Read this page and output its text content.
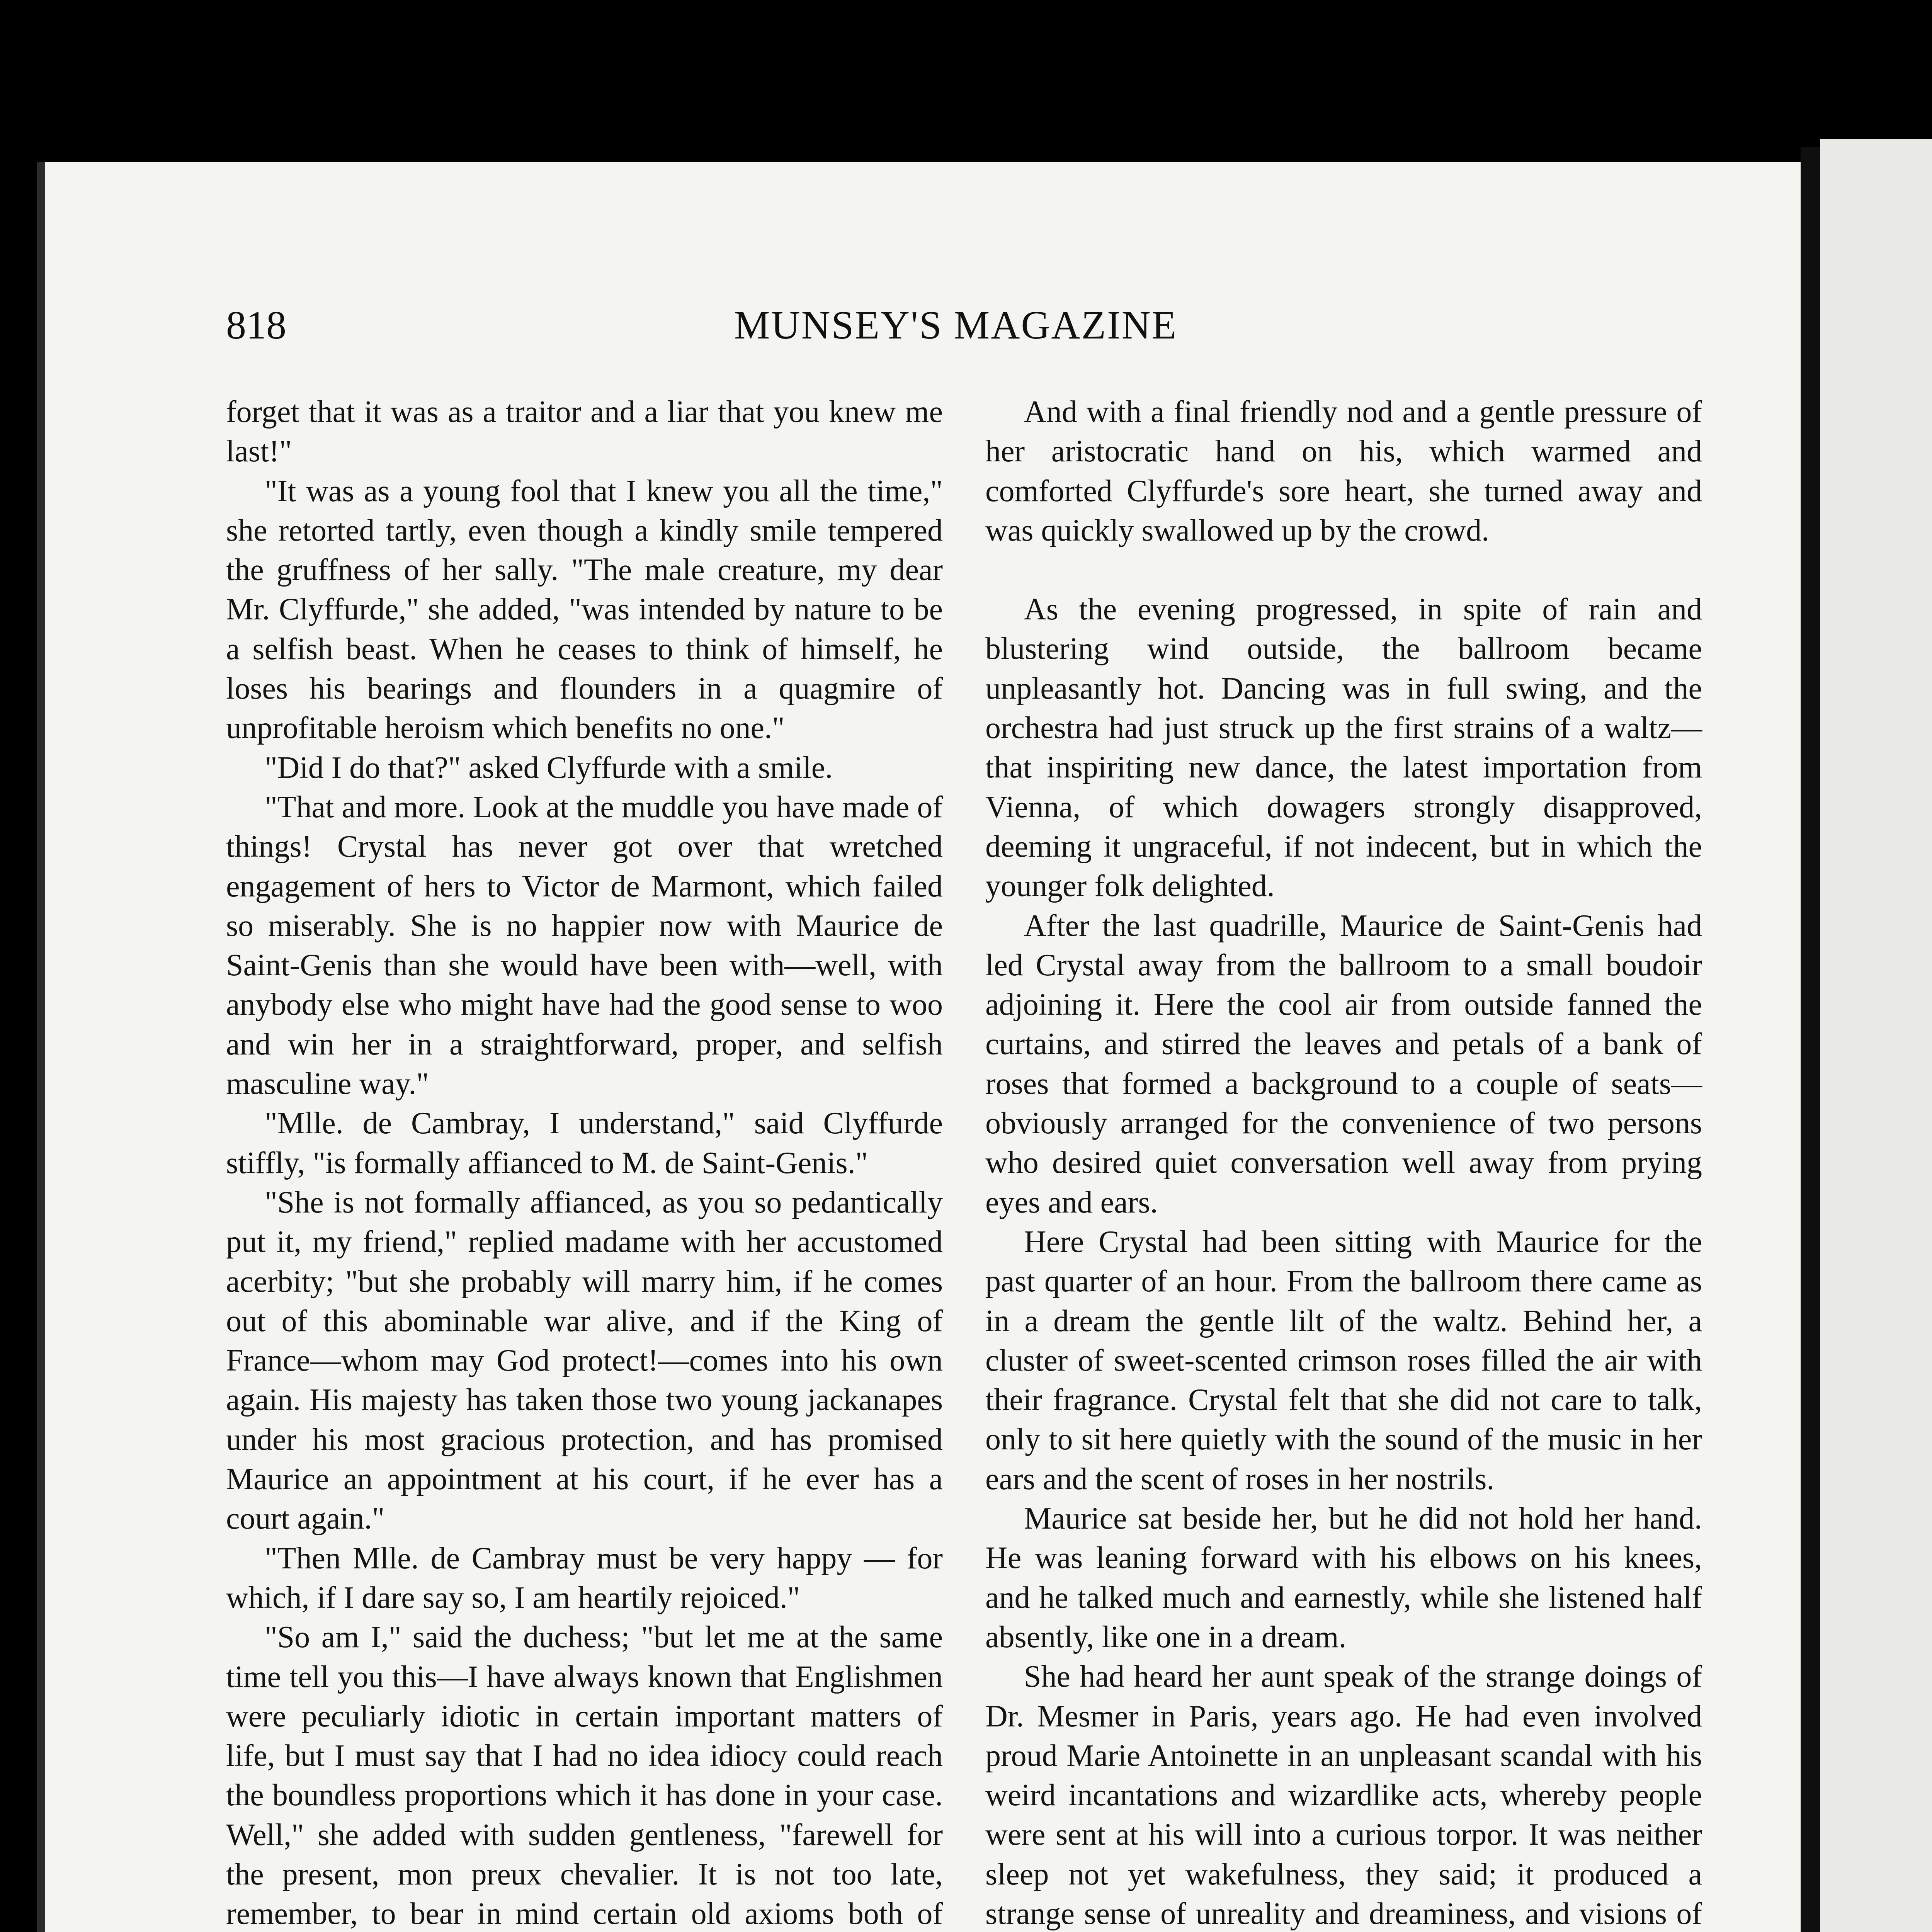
818	MUNSEY'S MAGAZINE

forget that it was as a traitor and a liar that you knew me last!"

"It was as a young fool that I knew you all the time," she retorted tartly, even though a kindly smile tempered the gruffness of her sally. "The male creature, my dear Mr. Clyffurde," she added, "was intended by nature to be a selfish beast. When he ceases to think of himself, he loses his bearings and flounders in a quagmire of unprofitable heroism which benefits no one."

"Did I do that?" asked Clyffurde with a smile.

"That and more. Look at the muddle you have made of things! Crystal has never got over that wretched engagement of hers to Victor de Marmont, which failed so miserably. She is no happier now with Maurice de Saint-Genis than she would have been with—well, with anybody else who might have had the good sense to woo and win her in a straightforward, proper, and selfish masculine way."

"Mlle. de Cambray, I understand," said Clyffurde stiffly, "is formally affianced to M. de Saint-Genis."

"She is not formally affianced, as you so pedantically put it, my friend," replied madame with her accustomed acerbity; "but she probably will marry him, if he comes out of this abominable war alive, and if the King of France—whom may God protect!—comes into his own again. His majesty has taken those two young jackanapes under his most gracious protection, and has promised Maurice an appointment at his court, if he ever has a court again."

"Then Mlle. de Cambray must be very happy — for which, if I dare say so, I am heartily rejoiced."

"So am I," said the duchess; "but let me at the same time tell you this—I have always known that Englishmen were peculiarly idiotic in certain important matters of life, but I must say that I had no idea idiocy could reach the boundless proportions which it has done in your case. Well," she added with sudden gentleness, "farewell for the present, mon preux chevalier. It is not too late, remember, to bear in mind certain old axioms both of

And with a final friendly nod and a gentle pressure of her aristocratic hand on his, which warmed and comforted Clyffurde's sore heart, she turned away and was quickly swallowed up by the crowd.

As the evening progressed, in spite of rain and blustering wind outside, the ballroom became unpleasantly hot. Dancing was in full swing, and the orchestra had just struck up the first strains of a waltz—that inspiriting new dance, the latest importation from Vienna, of which dowagers strongly disapproved, deeming it ungraceful, if not indecent, but in which the younger folk delighted.

After the last quadrille, Maurice de Saint-Genis had led Crystal away from the ballroom to a small boudoir adjoining it. Here the cool air from outside fanned the curtains, and stirred the leaves and petals of a bank of roses that formed a background to a couple of seats—obviously arranged for the convenience of two persons who desired quiet conversation well away from prying eyes and ears.

Here Crystal had been sitting with Maurice for the past quarter of an hour. From the ballroom there came as in a dream the gentle lilt of the waltz. Behind her, a cluster of sweet-scented crimson roses filled the air with their fragrance. Crystal felt that she did not care to talk, only to sit here quietly with the sound of the music in her ears and the scent of roses in her nostrils.

Maurice sat beside her, but he did not hold her hand. He was leaning forward with his elbows on his knees, and he talked much and earnestly, while she listened half absently, like one in a dream.

She had heard her aunt speak of the strange doings of Dr. Mesmer in Paris, years ago. He had even involved proud Marie Antoinette in an unpleasant scandal with his weird incantations and wizardlike acts, whereby people were sent at his will into a curious torpor. It was neither sleep not yet wakefulness, they said; it produced a strange sense of unreality and dreaminess, and visions of
